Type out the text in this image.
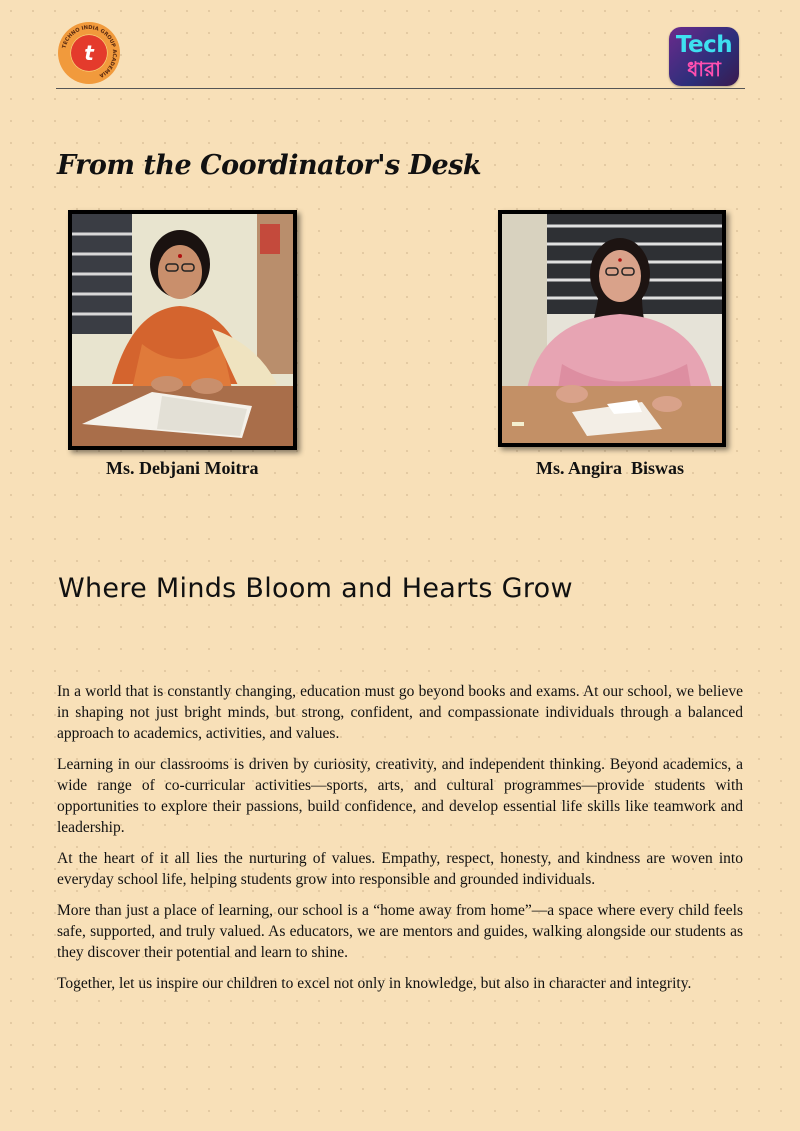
t
TECHNO INDIA GROUP ACADEMIA
Tech
ধারা
From the Coordinator's Desk
Ms. Debjani Moitra	Ms. Angira  Biswas
Where Minds Bloom and Hearts Grow

In a world that is constantly changing, education must go beyond books and exams. At our school, we believe in shaping not just bright minds, but strong, confident, and compassionate individuals through a balanced approach to academics, activities, and values.

Learning in our classrooms is driven by curiosity, creativity, and independent thinking. Beyond academics, a wide range of co-curricular activities—sports, arts, and cultural programmes—provide students with opportunities to explore their passions, build confidence, and develop essential life skills like teamwork and leadership.

At the heart of it all lies the nurturing of values. Empathy, respect, honesty, and kindness are woven into everyday school life, helping students grow into responsible and grounded individuals.

More than just a place of learning, our school is a “home away from home”—a space where every child feels safe, supported, and truly valued. As educators, we are mentors and guides, walking alongside our students as they discover their potential and learn to shine.

Together, let us inspire our children to excel not only in knowledge, but also in character and integrity.
